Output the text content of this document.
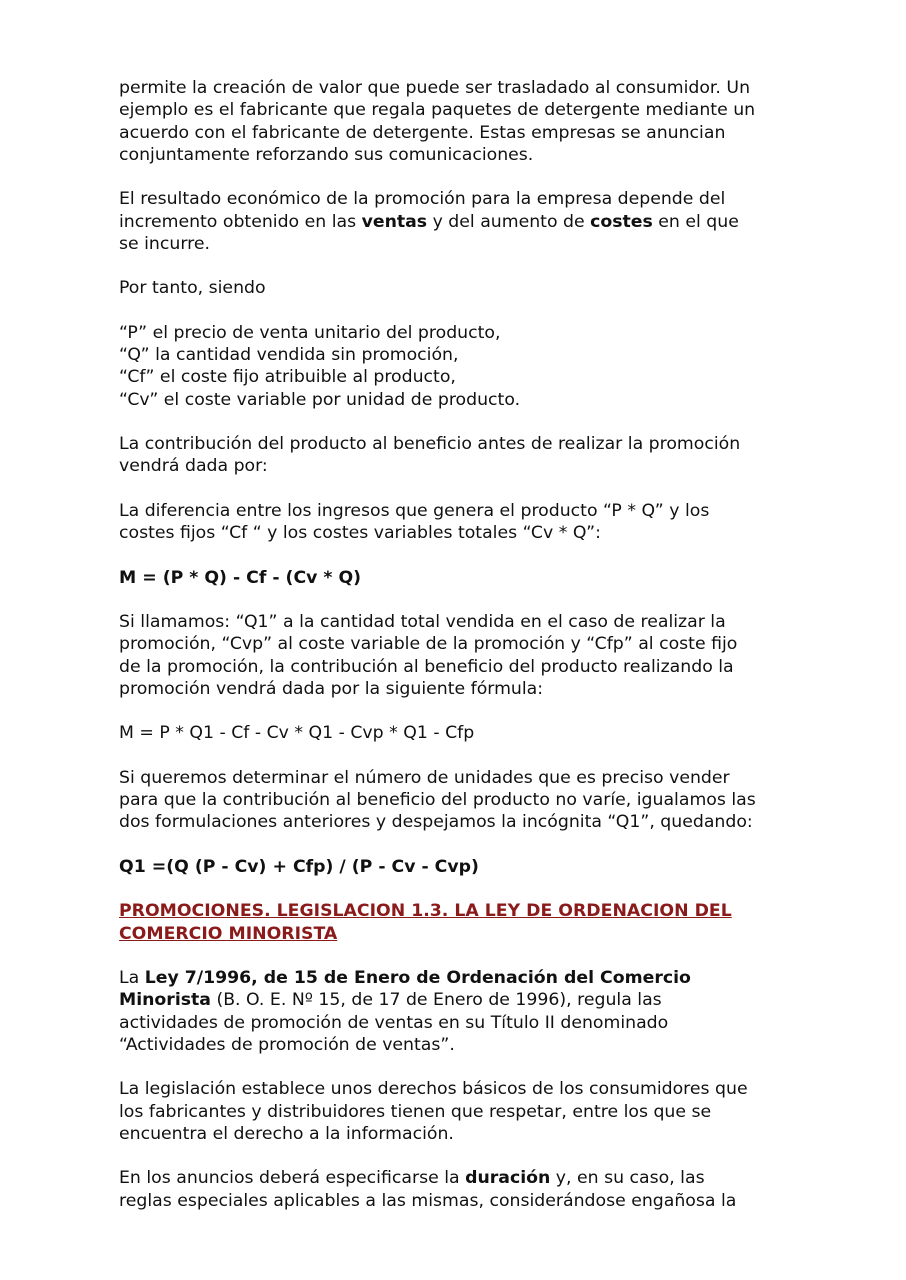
permite la creación de valor que puede ser trasladado al consumidor. Un
ejemplo es el fabricante que regala paquetes de detergente mediante un
acuerdo con el fabricante de detergente. Estas empresas se anuncian
conjuntamente reforzando sus comunicaciones.
El resultado económico de la promoción para la empresa depende del
incremento obtenido en las ventas y del aumento de costes en el que
se incurre.
Por tanto, siendo
“P” el precio de venta unitario del producto,
“Q” la cantidad vendida sin promoción,
“Cf” el coste fijo atribuible al producto,
“Cv” el coste variable por unidad de producto.
La contribución del producto al beneficio antes de realizar la promoción
vendrá dada por:
La diferencia entre los ingresos que genera el producto “P * Q” y los
costes fijos “Cf “ y los costes variables totales “Cv * Q”:
M = (P * Q) - Cf - (Cv * Q)
Si llamamos: “Q1” a la cantidad total vendida en el caso de realizar la
promoción, “Cvp” al coste variable de la promoción y “Cfp” al coste fijo
de la promoción, la contribución al beneficio del producto realizando la
promoción vendrá dada por la siguiente fórmula:
M = P * Q1 - Cf - Cv * Q1 - Cvp * Q1 - Cfp
Si queremos determinar el número de unidades que es preciso vender
para que la contribución al beneficio del producto no varíe, igualamos las
dos formulaciones anteriores y despejamos la incógnita “Q1”, quedando:
Q1 =(Q (P - Cv) + Cfp) / (P - Cv - Cvp)
PROMOCIONES. LEGISLACION 1.3. LA LEY DE ORDENACION DEL
COMERCIO MINORISTA
La Ley 7/1996, de 15 de Enero de Ordenación del Comercio
Minorista (B. O. E. Nº 15, de 17 de Enero de 1996), regula las
actividades de promoción de ventas en su Título II denominado
“Actividades de promoción de ventas”.
La legislación establece unos derechos básicos de los consumidores que
los fabricantes y distribuidores tienen que respetar, entre los que se
encuentra el derecho a la información.
En los anuncios deberá especificarse la duración y, en su caso, las
reglas especiales aplicables a las mismas, considerándose engañosa la
